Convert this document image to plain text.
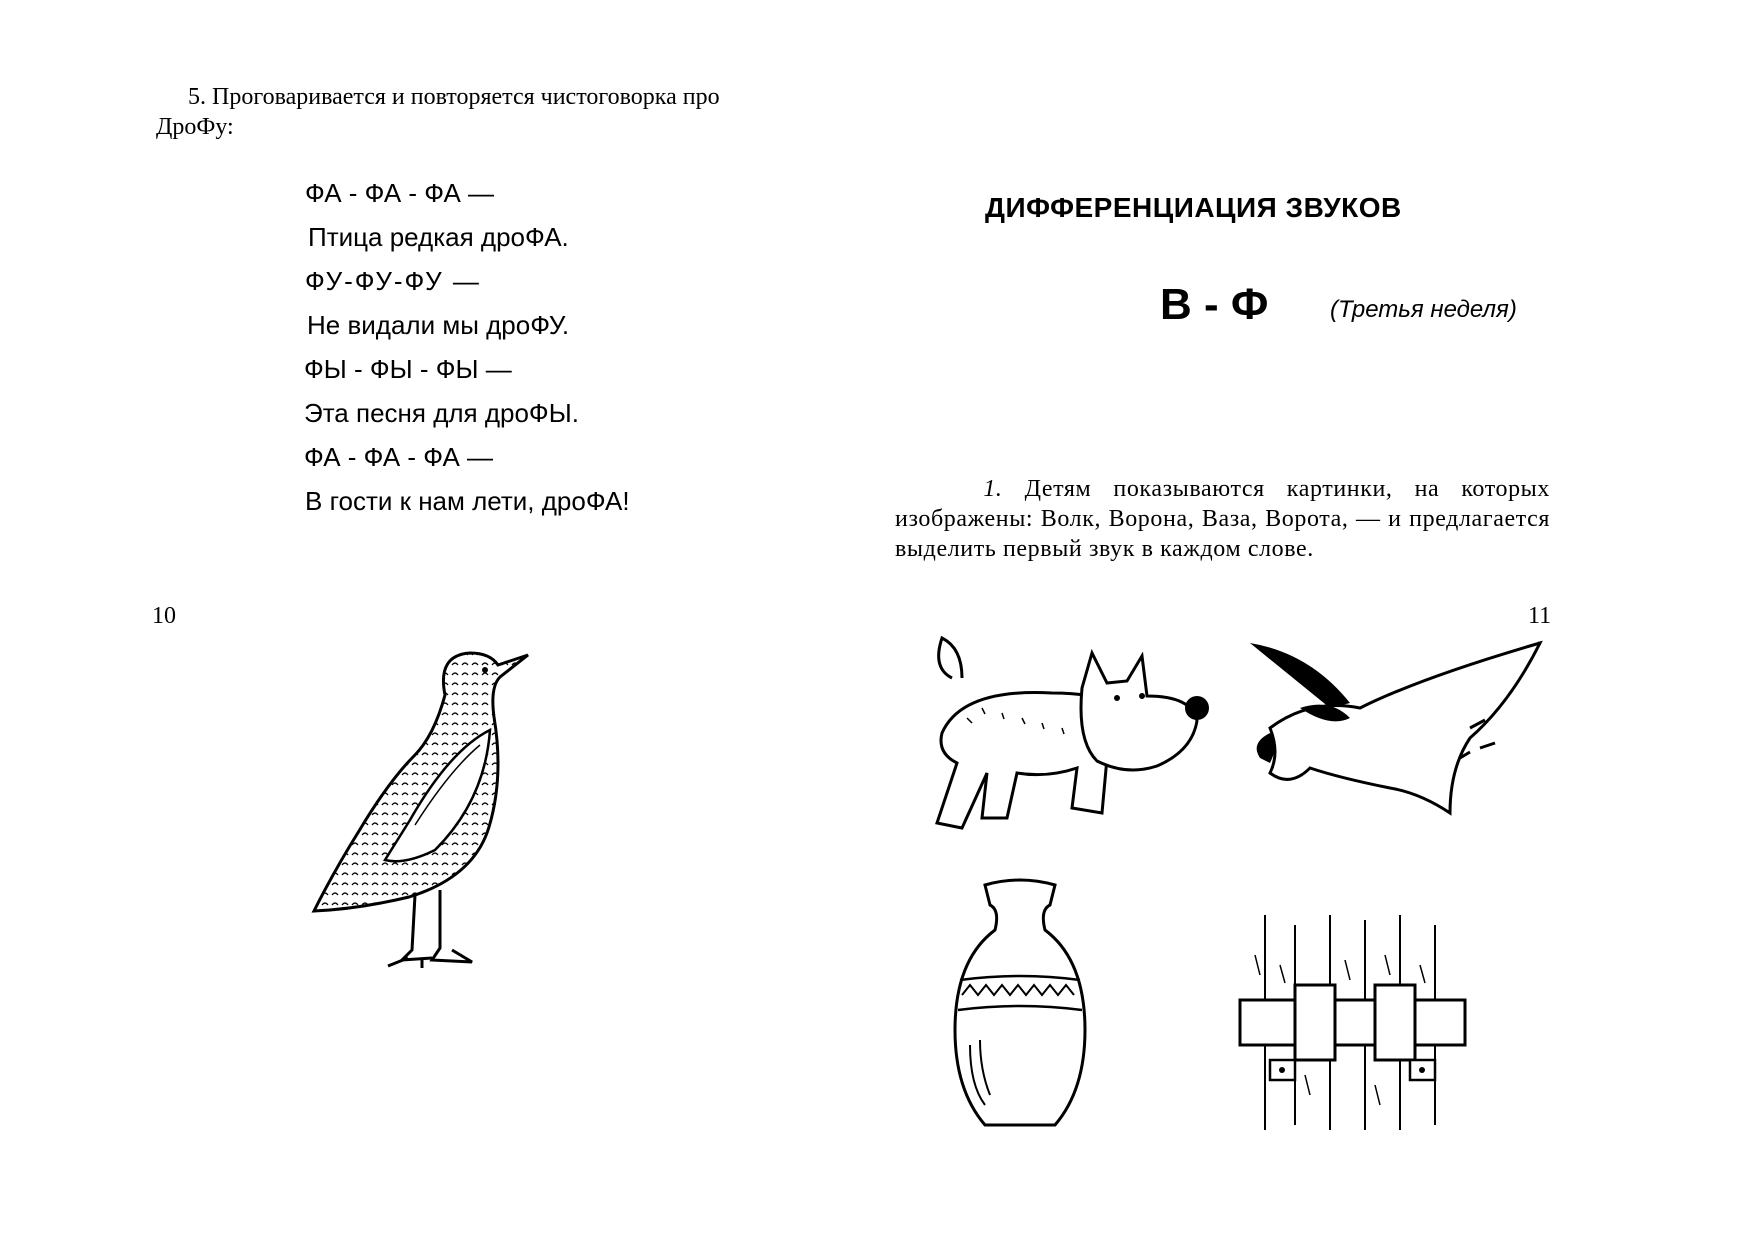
5. Проговаривается и повторяется чистоговорка про
ДроФу:
ФА - ФА - ФА —
Птица редкая дроФА.
ФУ-ФУ-ФУ —
Не видали мы дроФУ.
ФЫ - ФЫ - ФЫ —
Эта песня для дроФЫ.
ФА - ФА - ФА —
В гости к нам лети, дроФА!
10
ДИФФЕРЕНЦИАЦИЯ ЗВУКОВ
В - Ф	(Третья неделя)

1. Детям показываются картинки, на которых изображены: Волк, Ворона, Ваза, Ворота, — и предлагается выделить первый звук в каждом слове.

11
